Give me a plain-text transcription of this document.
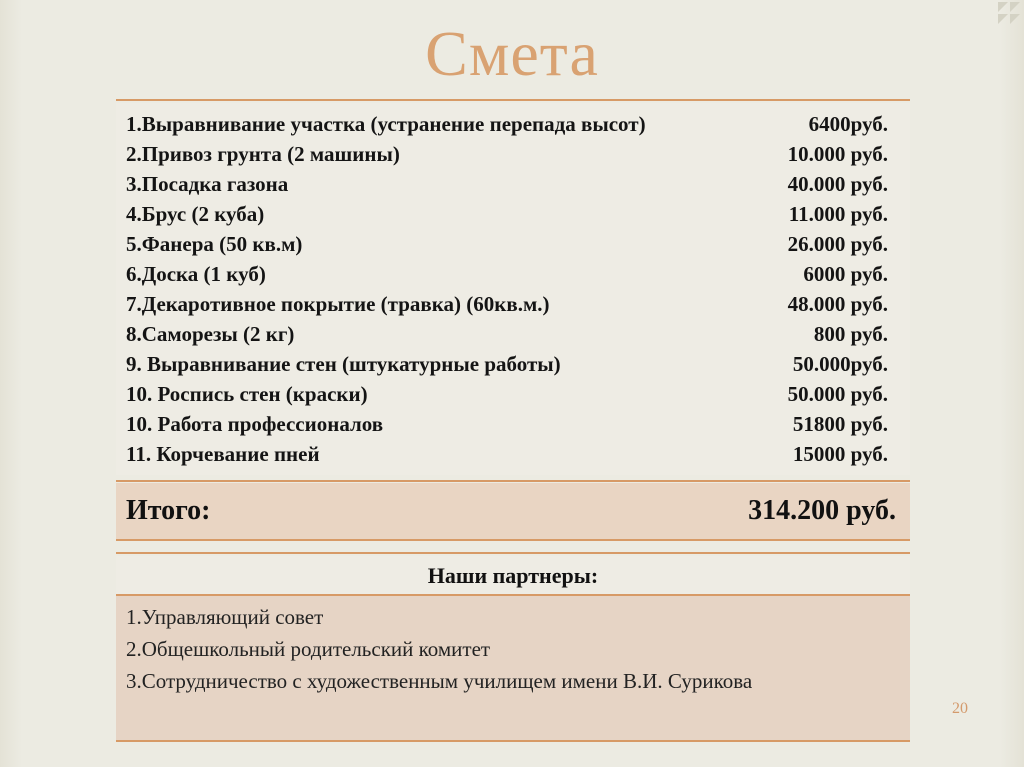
Смета
1.Выравнивание участка (устранение перепада высот)	6400руб.
2.Привоз грунта (2 машины)	10.000 руб.
3.Посадка газона	40.000 руб.
4.Брус (2 куба)	11.000 руб.
5.Фанера (50 кв.м)	26.000 руб.
6.Доска (1 куб)	6000 руб.
7.Декаротивное покрытие (травка) (60кв.м.)	48.000 руб.
8.Саморезы (2 кг)	800 руб.
9. Выравнивание стен (штукатурные работы)	50.000руб.
10. Роспись стен (краски)	50.000 руб.
10. Работа профессионалов	51800 руб.
11. Корчевание пней	15000 руб.
Итого:	314.200 руб.
Наши партнеры:
1.Управляющий совет
2.Общешкольный родительский комитет
3.Сотрудничество с художественным училищем имени В.И. Сурикова
20
